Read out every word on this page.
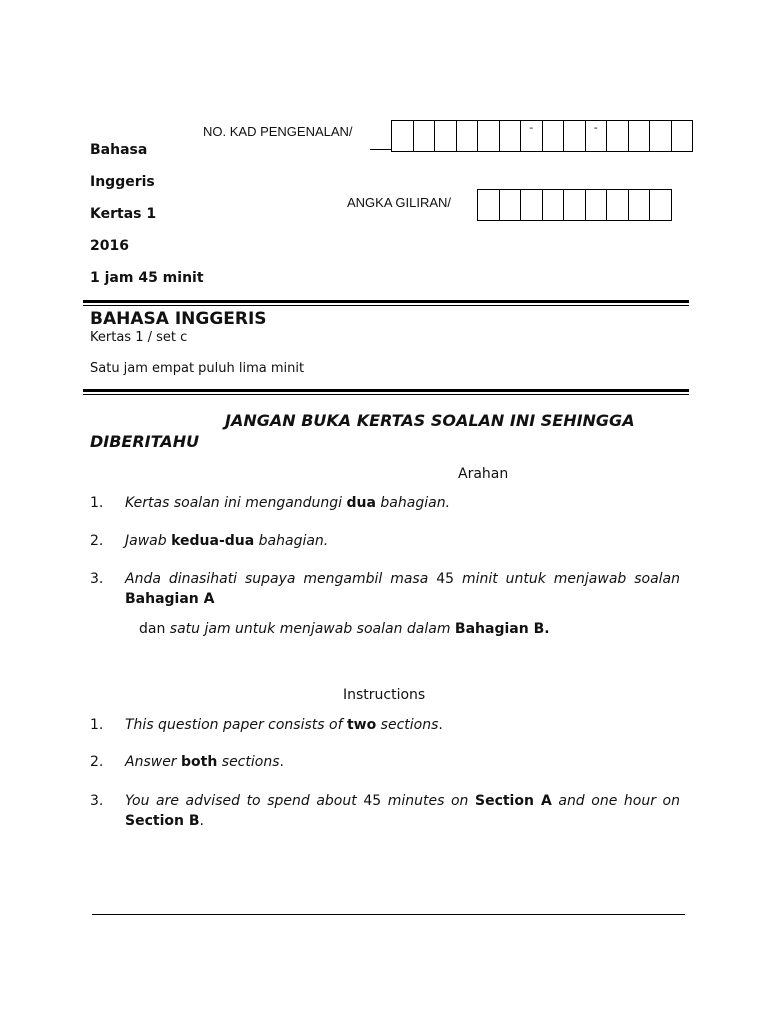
Bahasa
Inggeris
Kertas 1
2016
1 jam 45 minit
NO. KAD PENGENALAN/	-	-
ANGKA GILIRAN/
BAHASA INGGERIS
Kertas 1 / set c
Satu jam empat puluh lima minit
JANGAN BUKA KERTAS SOALAN INI SEHINGGA
DIBERITAHU
Arahan
1. Kertas soalan ini mengandungi dua bahagian.
2. Jawab kedua-dua bahagian.
3. Anda dinasihati supaya mengambil masa 45 minit untuk menjawab soalan
Bahagian A
dan satu jam untuk menjawab soalan dalam Bahagian B.
Instructions
1. This question paper consists of two sections.
2. Answer both sections.
3. You are advised to spend about 45 minutes on Section A and one hour on
Section B.
